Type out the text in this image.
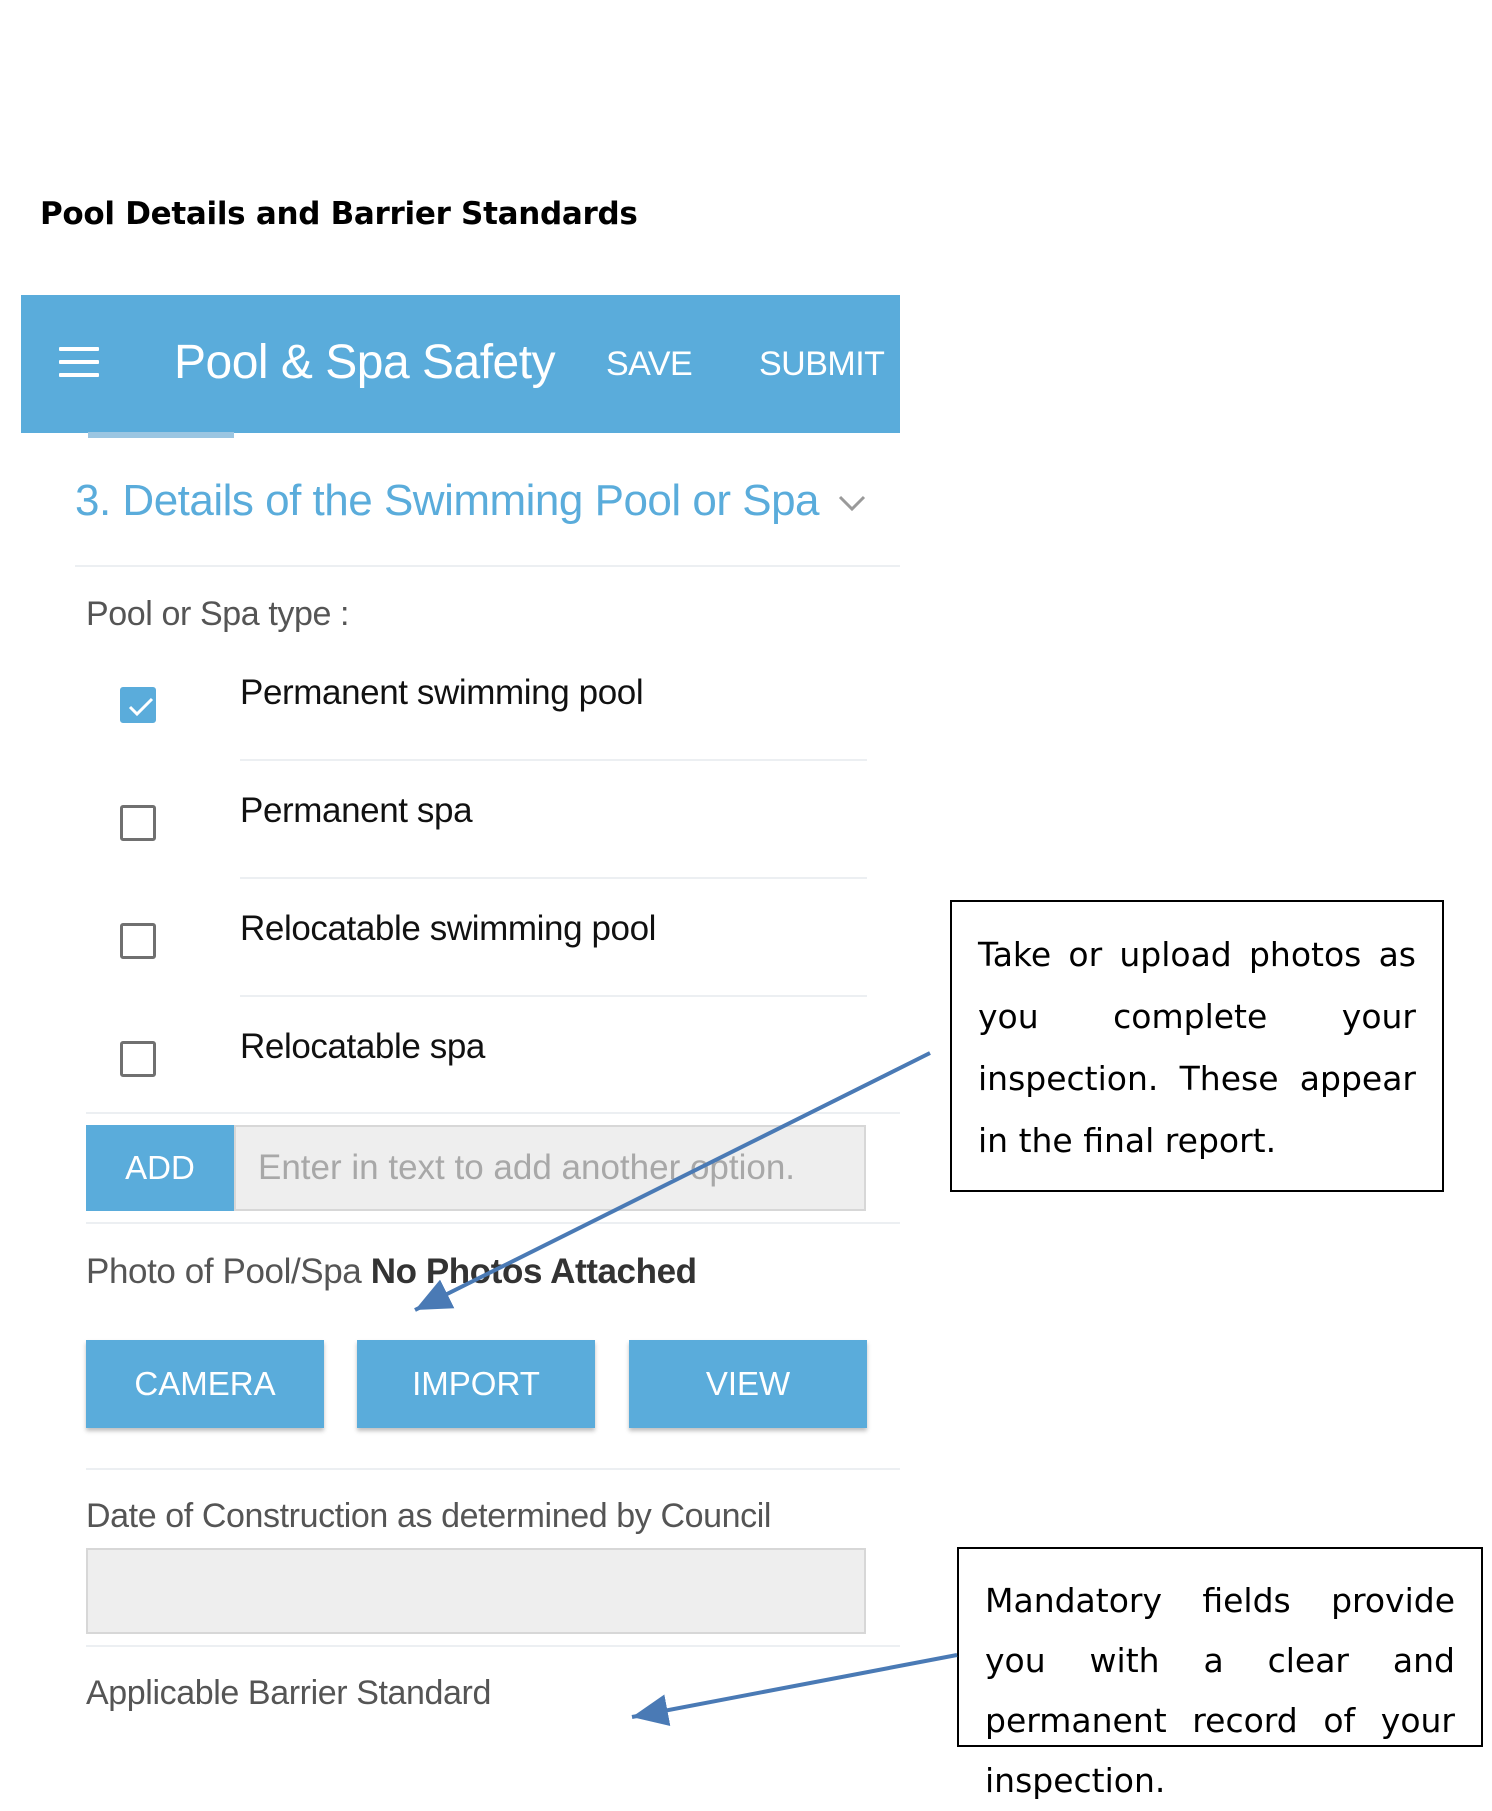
Pool Details and Barrier Standards
Pool & Spa Safety SAVE SUBMIT
3. Details of the Swimming Pool or Spa
Pool or Spa type :
Permanent swimming pool
Permanent spa
Relocatable swimming pool
Relocatable spa
ADD
Enter in text to add another option.
Photo of Pool/Spa No Photos Attached
CAMERA	IMPORT	VIEW
Date of Construction as determined by Council
Applicable Barrier Standard
Take or upload photos as you complete your inspection. These appear in the final report.
Mandatory fields provide you with a clear and permanent record of your inspection.
